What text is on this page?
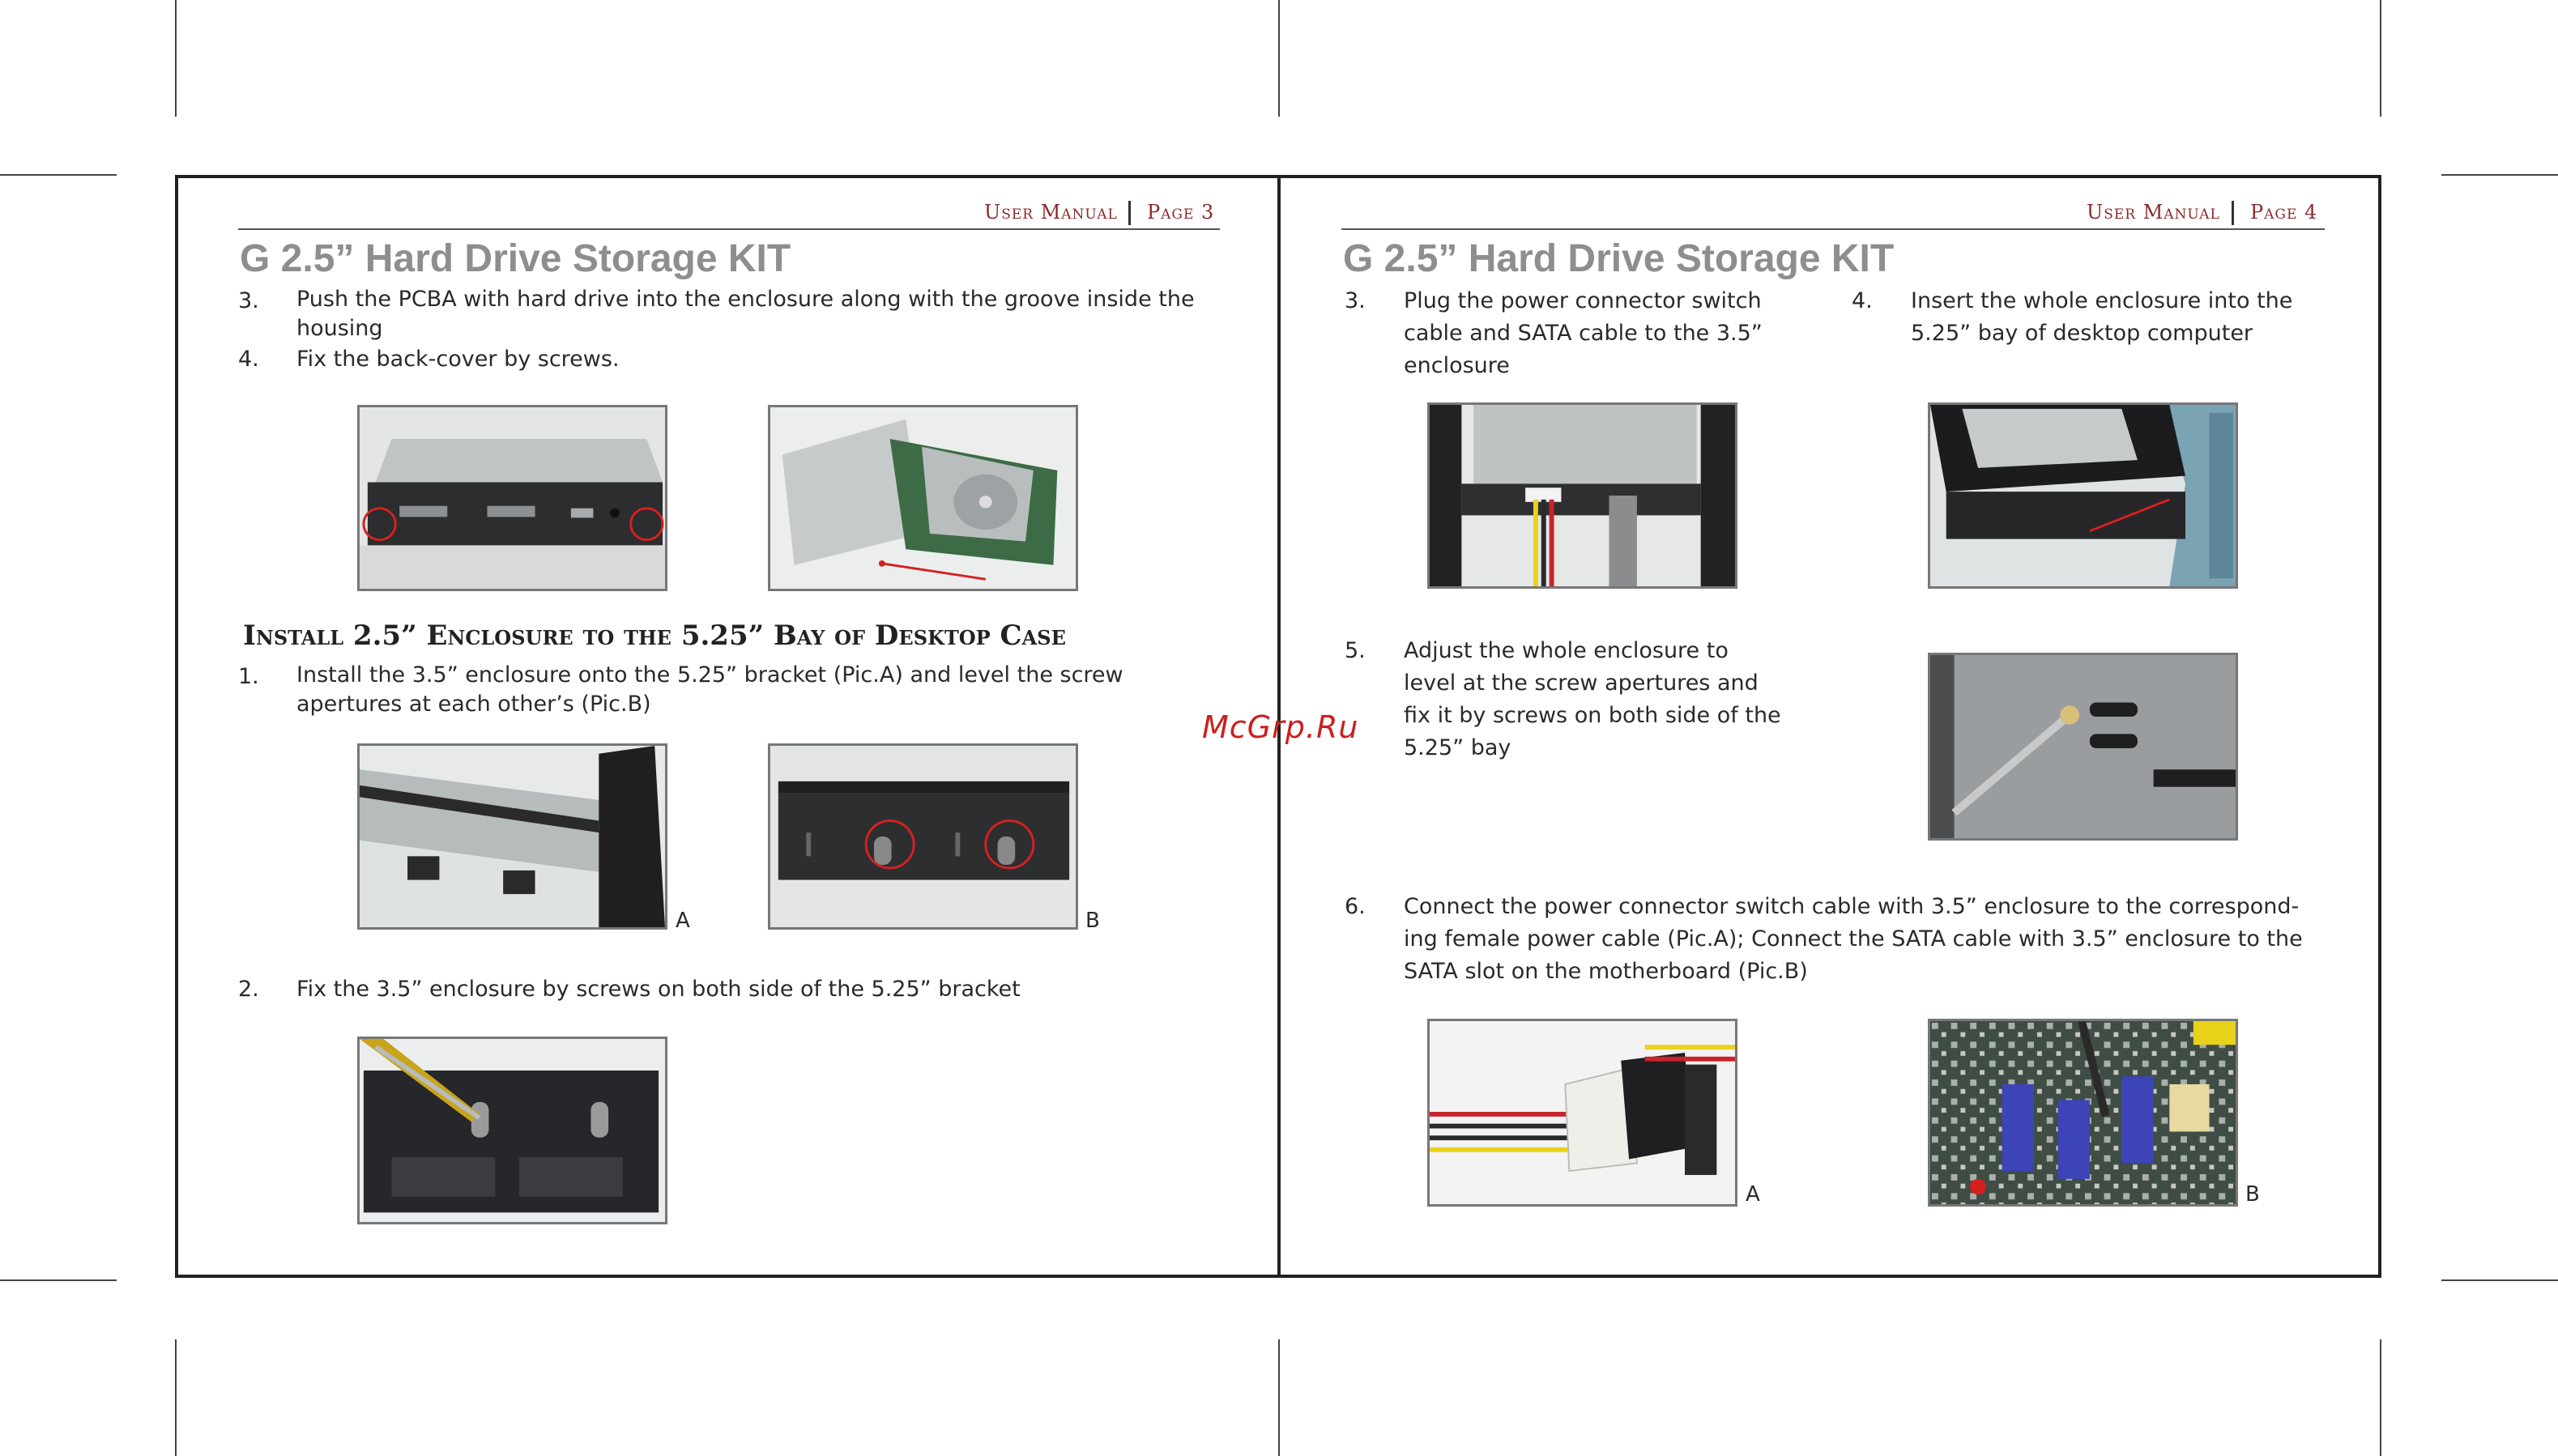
User Manual Page 3
G 2.5” Hard Drive Storage KIT
3. Push the PCBA with hard drive into the enclosure along with the groove inside the housing
4. Fix the back-cover by screws.
Install 2.5” Enclosure to the 5.25” Bay of Desktop Case
1. Install the 3.5” enclosure onto the 5.25” bracket (Pic.A) and level the screw apertures at each other’s (Pic.B)
A	B
2. Fix the 3.5” enclosure by screws on both side of the 5.25” bracket
User Manual Page 4
G 2.5” Hard Drive Storage KIT
3. Plug the power connector switch cable and SATA cable to the 3.5” enclosure
4. Insert the whole enclosure into the 5.25” bay of desktop computer
5. Adjust the whole enclosure to level at the screw apertures and fix it by screws on both side of the 5.25” bay
6. Connect the power connector switch cable with 3.5” enclosure to the correspond-ing female power cable (Pic.A); Connect the SATA cable with 3.5” enclosure to the SATA slot on the motherboard (Pic.B)
A	B
McGrp.Ru
